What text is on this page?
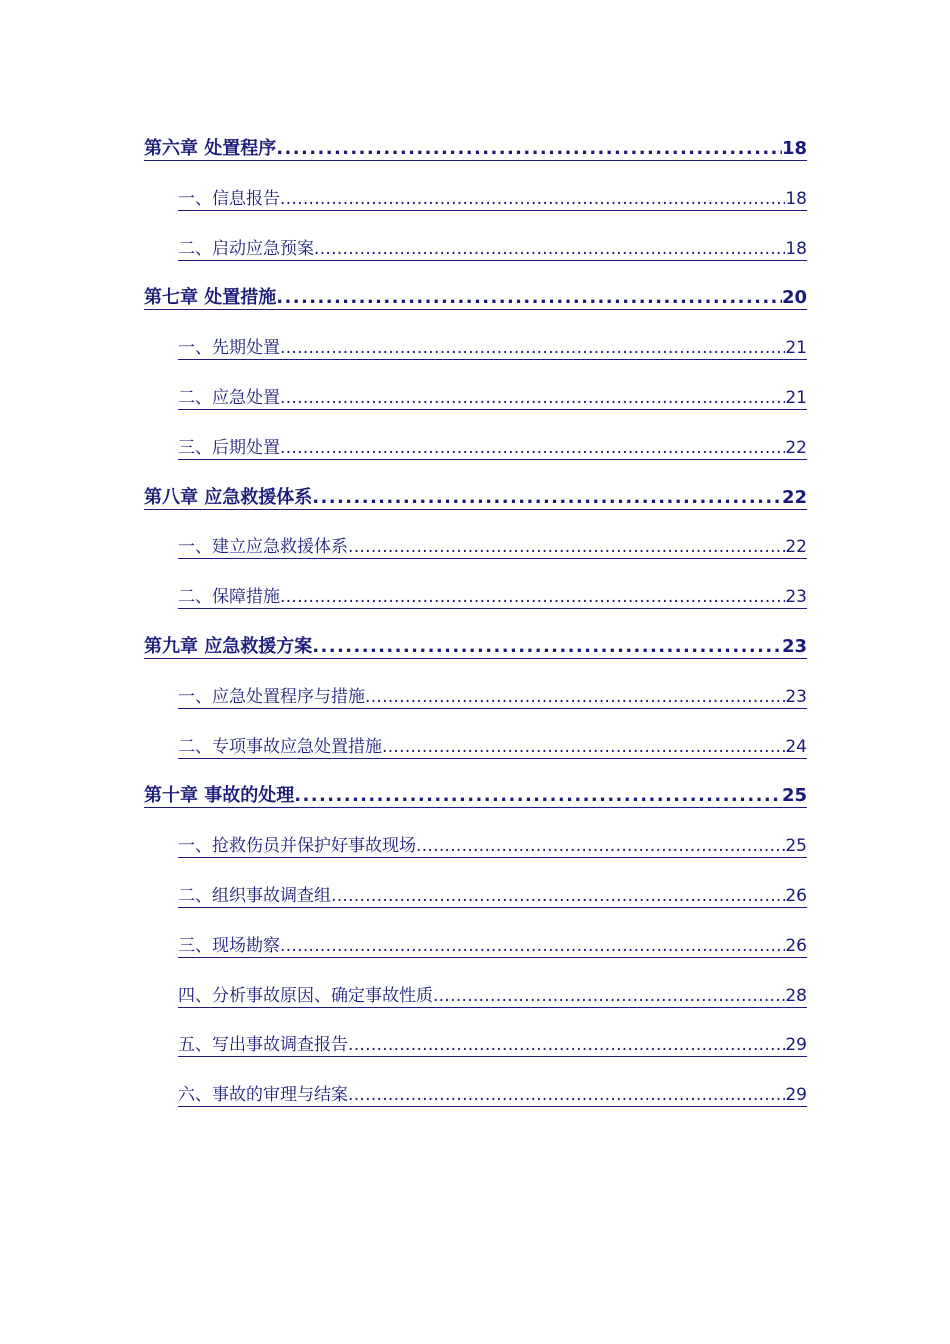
第六章 处置程序 .....	18
一、信息报告 .....	18
二、启动应急预案 .....	18
第七章 处置措施 .....	20
一、先期处置 .....	21
二、应急处置 .....	21
三、后期处置 .....	22
第八章 应急救援体系 .....	22
一、建立应急救援体系 .....	22
二、保障措施 .....	23
第九章 应急救援方案 .....	23
一、应急处置程序与措施 .....	23
二、专项事故应急处置措施 .....	24
第十章 事故的处理 .....	25
一、抢救伤员并保护好事故现场 .....	25
二、组织事故调查组 .....	26
三、现场勘察 .....	26
四、分析事故原因、确定事故性质 .....	28
五、写出事故调查报告 .....	29
六、事故的审理与结案 .....	29
